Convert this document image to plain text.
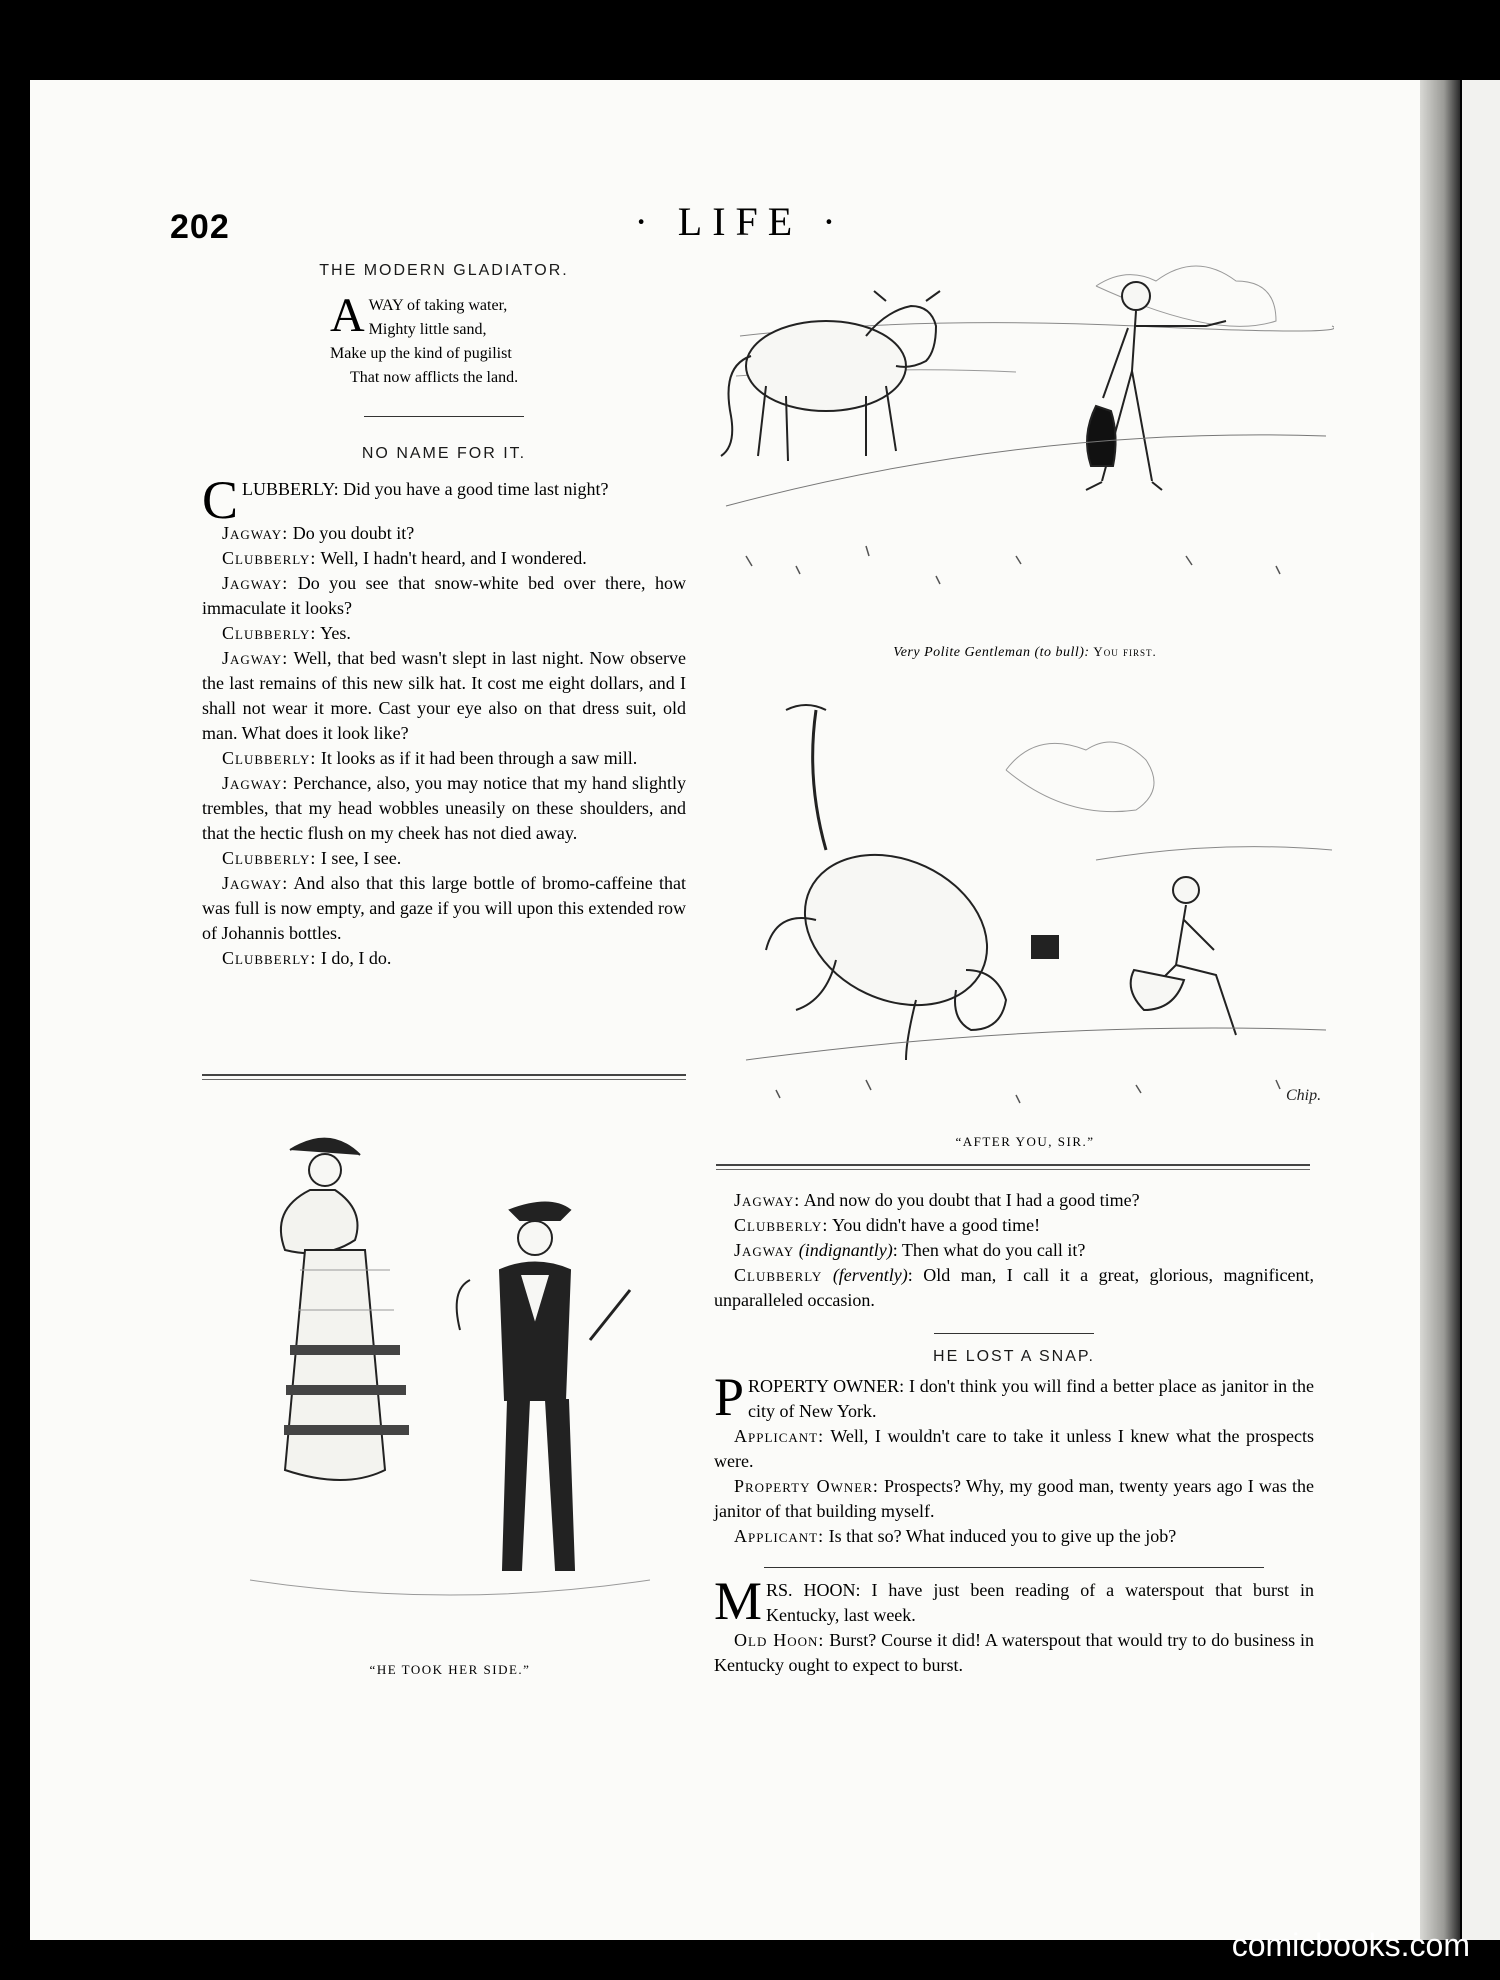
202	· LIFE ·
THE MODERN GLADIATOR.
A WAY of taking water,
Mighty little sand,
Make up the kind of pugilist
That now afflicts the land.
NO NAME FOR IT.

CLUBBERLY: Did you have a good time last night?

Jagway: Do you doubt it?

Clubberly: Well, I hadn't heard, and I wondered.

Jagway: Do you see that snow-white bed over there, how immaculate it looks?

Clubberly: Yes.

Jagway: Well, that bed wasn't slept in last night. Now observe the last remains of this new silk hat. It cost me eight dollars, and I shall not wear it more. Cast your eye also on that dress suit, old man. What does it look like?

Clubberly: It looks as if it had been through a saw mill.

Jagway: Perchance, also, you may notice that my hand slightly trembles, that my head wobbles uneasily on these shoulders, and that the hectic flush on my cheek has not died away.

Clubberly: I see, I see.

Jagway: And also that this large bottle of bromo-caffeine that was full is now empty, and gaze if you will upon this extended row of Johannis bottles.

Clubberly: I do, I do.

Very Polite Gentleman (to bull): You first.
Chip.
“AFTER YOU, SIR.”
“HE TOOK HER SIDE.”

Jagway: And now do you doubt that I had a good time?

Clubberly: You didn't have a good time!

Jagway (indignantly): Then what do you call it?

Clubberly (fervently): Old man, I call it a great, glorious, magnificent, unparalleled occasion.

HE LOST A SNAP.

PROPERTY OWNER: I don't think you will find a better place as janitor in the city of New York.

Applicant: Well, I wouldn't care to take it unless I knew what the prospects were.

Property Owner: Prospects? Why, my good man, twenty years ago I was the janitor of that building myself.

Applicant: Is that so? What induced you to give up the job?

MRS. HOON: I have just been reading of a waterspout that burst in Kentucky, last week.

Old Hoon: Burst? Course it did! A waterspout that would try to do business in Kentucky ought to expect to burst.

comicbooks.com
